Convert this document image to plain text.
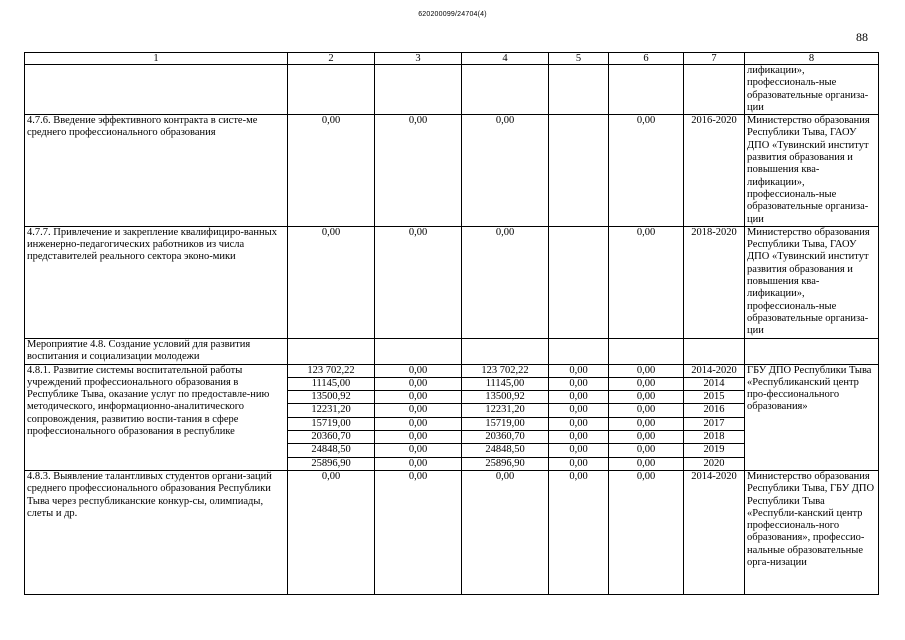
620200099/24704(4)
88
1	2	3	4	5	6	7	8
							лификации», профессиональ-ные образовательные организа-ции
4.7.6. Введение эффективного контракта в систе-ме среднего профессионального образования	0,00	0,00	0,00		0,00	2016-2020	Министерство образования Республики Тыва, ГАОУ ДПО «Тувинский институт развития образования и повышения ква-лификации», профессиональ-ные образовательные организа-ции
4.7.7. Привлечение и закрепление квалифициро-ванных инженерно-педагогических работников из числа представителей реального сектора эконо-мики	0,00	0,00	0,00		0,00	2018-2020	Министерство образования Республики Тыва, ГАОУ ДПО «Тувинский институт развития образования и повышения ква-лификации», профессиональ-ные образовательные организа-ции
Мероприятие 4.8. Создание условий для развития воспитания и социализации молодежи							
4.8.1. Развитие системы воспитательной работы учреждений профессионального образования в Республике Тыва, оказание услуг по предоставле-нию методического, информационно-аналитического сопровождения, развитию воспи-тания в сфере профессионального образования в республике	123 702,22	0,00	123 702,22	0,00	0,00	2014-2020	ГБУ ДПО Республики Тыва «Республиканский центр про-фессионального образования»
	11145,00	0,00	11145,00	0,00	0,00	2014	
	13500,92	0,00	13500,92	0,00	0,00	2015	
	12231,20	0,00	12231,20	0,00	0,00	2016	
	15719,00	0,00	15719,00	0,00	0,00	2017	
	20360,70	0,00	20360,70	0,00	0,00	2018	
	24848,50	0,00	24848,50	0,00	0,00	2019	
	25896,90	0,00	25896,90	0,00	0,00	2020	
4.8.3. Выявление талантливых студентов органи-заций среднего профессионального образования Республики Тыва через республиканские конкур-сы, олимпиады, слеты и др.	0,00	0,00	0,00	0,00	0,00	2014-2020	Министерство образования Республики Тыва, ГБУ ДПО Республики Тыва «Республи-канский центр профессиональ-ного образования», профессио-нальные образовательные орга-низации
